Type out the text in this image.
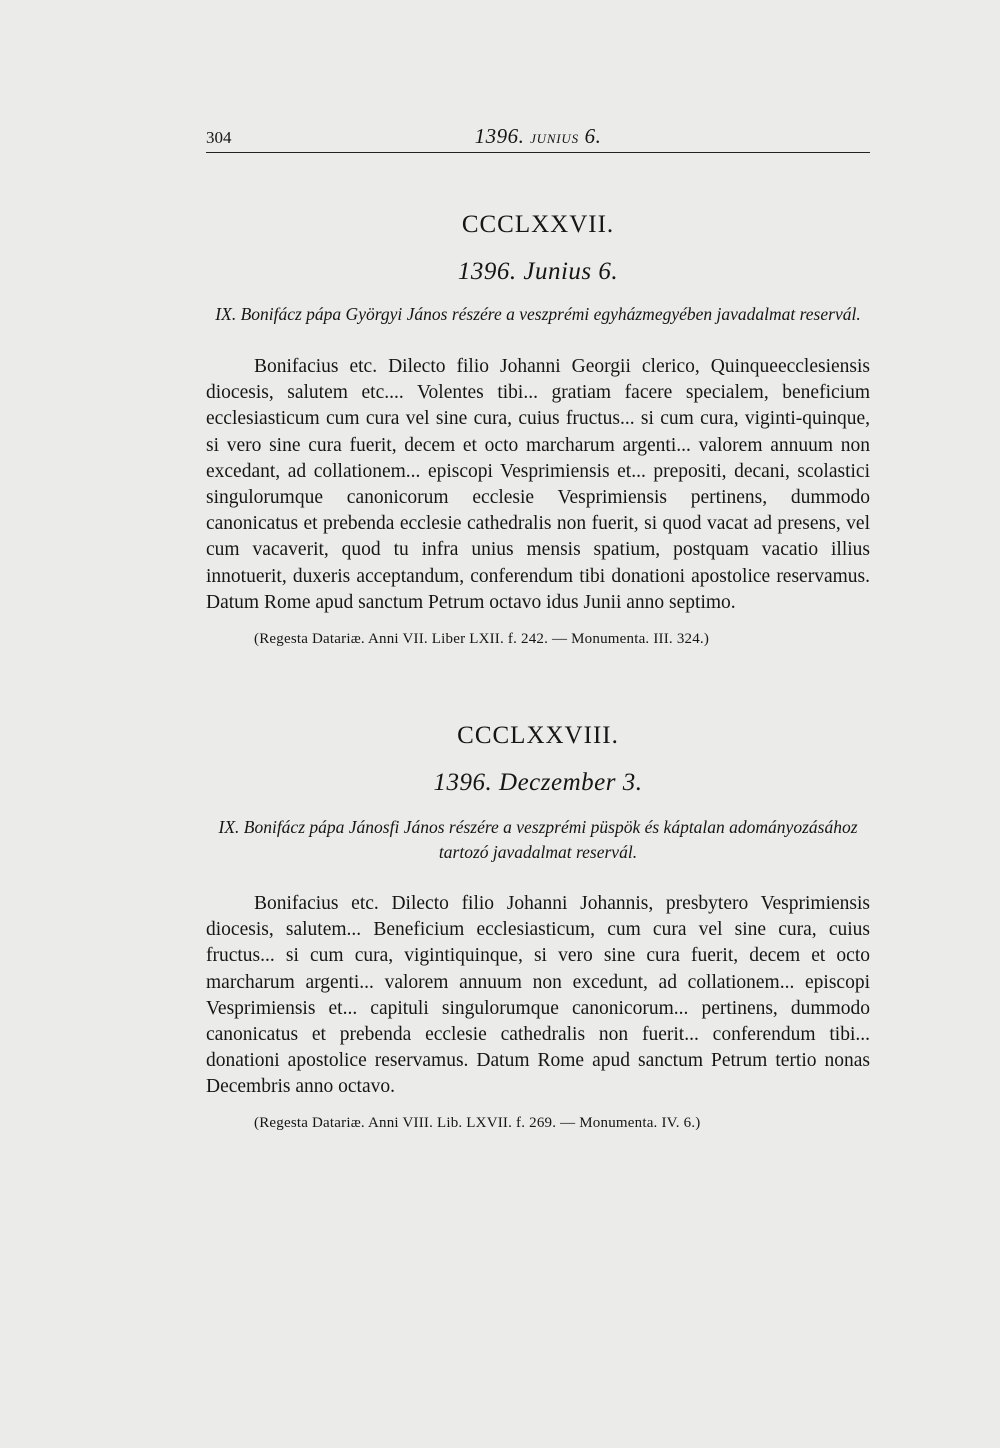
304	1396. JUNIUS 6.
CCCLXXVII.
1396. Junius 6.
IX. Bonifácz pápa Györgyi János részére a veszprémi egyházmegyében javadalmat reservál.

Bonifacius etc. Dilecto filio Johanni Georgii clerico, Quinqueecclesiensis diocesis, salutem etc.... Volentes tibi... gratiam facere specialem, beneficium ecclesiasticum cum cura vel sine cura, cuius fructus... si cum cura, viginti-quinque, si vero sine cura fuerit, decem et octo marcharum argenti... valorem annuum non excedant, ad collationem... episcopi Vesprimiensis et... prepositi, decani, scolastici singulorumque canonicorum ecclesie Vesprimiensis pertinens, dummodo canonicatus et prebenda ecclesie cathedralis non fuerit, si quod vacat ad presens, vel cum vacaverit, quod tu infra unius mensis spatium, postquam vacatio illius innotuerit, duxeris acceptandum, conferendum tibi donationi apostolice reservamus. Datum Rome apud sanctum Petrum octavo idus Junii anno septimo.

(Regesta Datariæ. Anni VII. Liber LXII. f. 242. — Monumenta. III. 324.)
CCCLXXVIII.
1396. Deczember 3.
IX. Bonifácz pápa Jánosfi János részére a veszprémi püspök és káptalan adományozásához tartozó javadalmat reservál.

Bonifacius etc. Dilecto filio Johanni Johannis, presbytero Vesprimiensis diocesis, salutem... Beneficium ecclesiasticum, cum cura vel sine cura, cuius fructus... si cum cura, vigintiquinque, si vero sine cura fuerit, decem et octo marcharum argenti... valorem annuum non excedunt, ad collationem... episcopi Vesprimiensis et... capituli singulorumque canonicorum... pertinens, dummodo canonicatus et prebenda ecclesie cathedralis non fuerit... conferendum tibi... donationi apostolice reservamus. Datum Rome apud sanctum Petrum tertio nonas Decembris anno octavo.

(Regesta Datariæ. Anni VIII. Lib. LXVII. f. 269. — Monumenta. IV. 6.)
